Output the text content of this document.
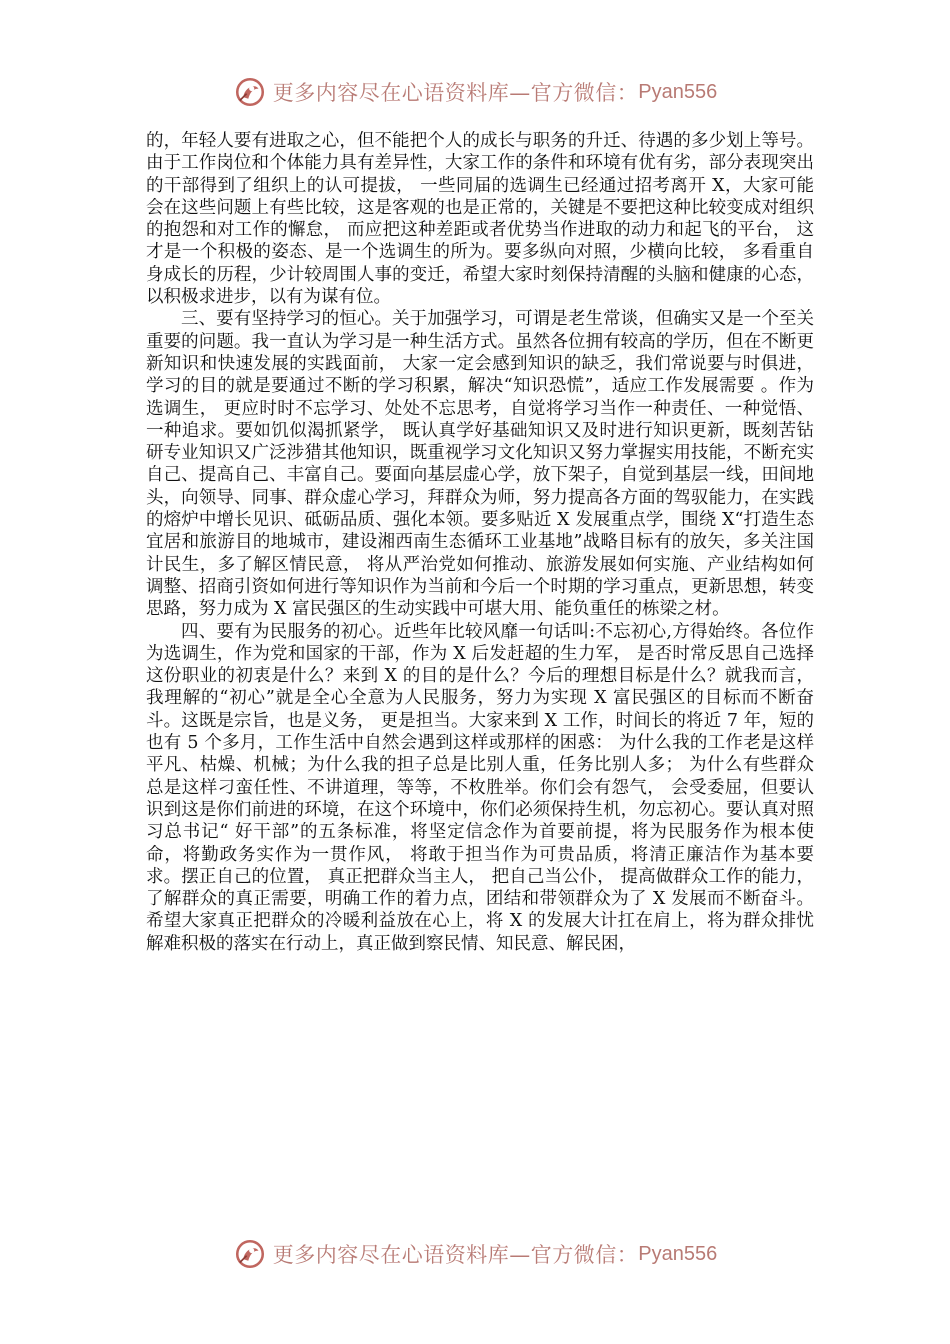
更多内容尽在心语资料库—官方微信： Pyan556

的，年轻人要有进取之心，但不能把个人的成长与职务的升迁、待遇的多少划上等号。由于工作岗位和个体能力具有差异性，大家工作的条件和环境有优有劣，部分表现突出的干部得到了组织上的认可提拔， 一些同届的选调生已经通过招考离开 X，大家可能会在这些问题上有些比较，这是客观的也是正常的，关键是不要把这种比较变成对组织的抱怨和对工作的懈怠， 而应把这种差距或者优势当作进取的动力和起飞的平台， 这才是一个积极的姿态、是一个选调生的所为。要多纵向对照，少横向比较， 多看重自身成长的历程，少计较周围人事的变迁，希望大家时刻保持清醒的头脑和健康的心态，以积极求进步，以有为谋有位。

三、要有坚持学习的恒心。关于加强学习，可谓是老生常谈，但确实又是一个至关重要的问题。我一直认为学习是一种生活方式。虽然各位拥有较高的学历，但在不断更新知识和快速发展的实践面前， 大家一定会感到知识的缺乏，我们常说要与时俱进， 学习的目的就是要通过不断的学习积累，解决“知识恐慌”，适应工作发展需要 。作为选调生， 更应时时不忘学习、处处不忘思考，自觉将学习当作一种责任、一种觉悟、一种追求。要如饥似渴抓紧学， 既认真学好基础知识又及时进行知识更新，既刻苦钻研专业知识又广泛涉猎其他知识，既重视学习文化知识又努力掌握实用技能，不断充实自己、提高自己、丰富自己。要面向基层虚心学，放下架子，自觉到基层一线，田间地头，向领导、同事、群众虚心学习，拜群众为师，努力提高各方面的驾驭能力，在实践的熔炉中增长见识、砥砺品质、强化本领。要多贴近 X 发展重点学，围绕 X“打造生态宜居和旅游目的地城市，建设湘西南生态循环工业基地”战略目标有的放矢，多关注国计民生，多了解区情民意， 将从严治党如何推动、旅游发展如何实施、产业结构如何调整、招商引资如何进行等知识作为当前和今后一个时期的学习重点，更新思想，转变思路，努力成为 X 富民强区的生动实践中可堪大用、能负重任的栋梁之材。

四、要有为民服务的初心。近些年比较风靡一句话叫:不忘初心,方得始终。各位作为选调生，作为党和国家的干部，作为 X 后发赶超的生力军， 是否时常反思自己选择这份职业的初衷是什么？来到 X 的目的是什么？今后的理想目标是什么？就我而言，我理解的“初心”就是全心全意为人民服务，努力为实现 X 富民强区的目标而不断奋斗。这既是宗旨，也是义务， 更是担当。大家来到 X 工作，时间长的将近 7 年，短的也有 5 个多月，工作生活中自然会遇到这样或那样的困惑： 为什么我的工作老是这样平凡、枯燥、机械；为什么我的担子总是比别人重，任务比别人多； 为什么有些群众总是这样刁蛮任性、不讲道理，等等，不枚胜举。你们会有怨气， 会受委屈，但要认识到这是你们前进的环境，在这个环境中，你们必须保持生机，勿忘初心。要认真对照习总书记“ 好干部”的五条标准，将坚定信念作为首要前提，将为民服务作为根本使命，将勤政务实作为一贯作风， 将敢于担当作为可贵品质，将清正廉洁作为基本要求。摆正自己的位置， 真正把群众当主人， 把自己当公仆， 提高做群众工作的能力，了解群众的真正需要，明确工作的着力点，团结和带领群众为了 X 发展而不断奋斗。希望大家真正把群众的冷暖利益放在心上，将 X 的发展大计扛在肩上，将为群众排忧解难积极的落实在行动上，真正做到察民情、知民意、解民困，

更多内容尽在心语资料库—官方微信： Pyan556
